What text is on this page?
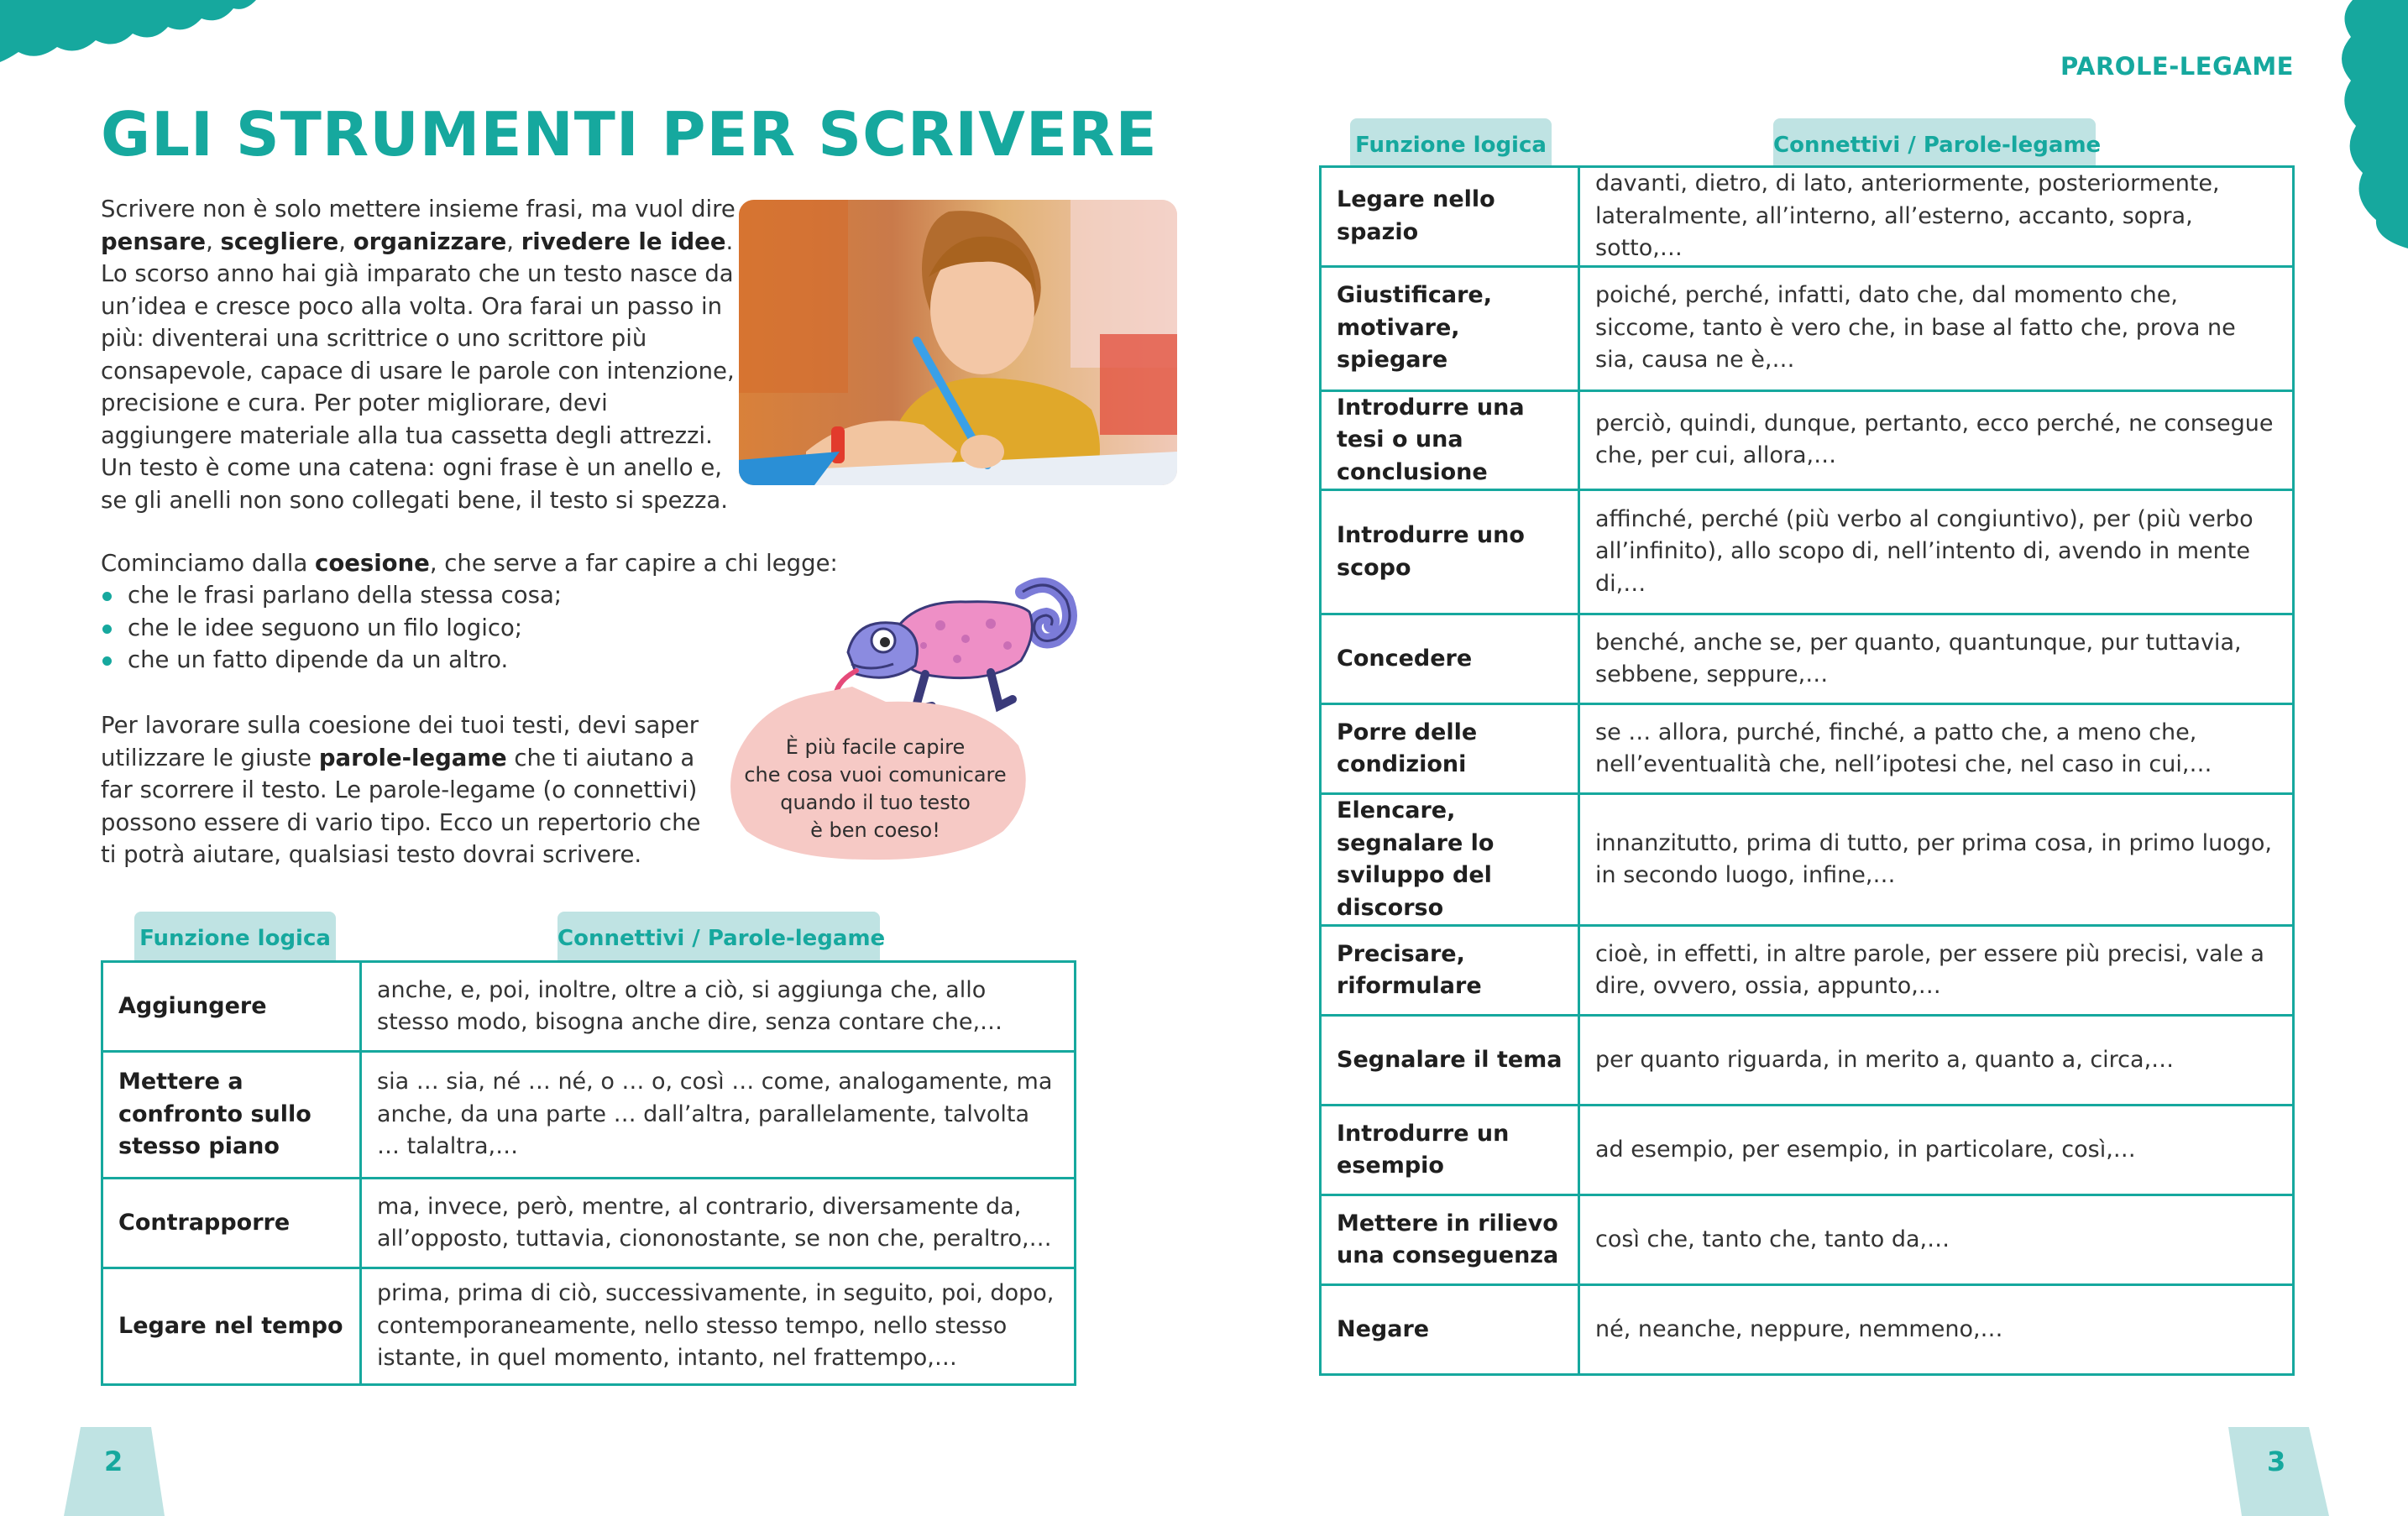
GLI STRUMENTI PER SCRIVERE

Scrivere non è solo mettere insieme frasi, ma vuol dire pensare, scegliere, organizzare, rivedere le idee. Lo scorso anno hai già imparato che un testo nasce da un’idea e cresce poco alla volta. Ora farai un passo in più: diventerai una scrittrice o uno scrittore più consapevole, capace di usare le parole con intenzione, precisione e cura. Per poter migliorare, devi aggiungere materiale alla tua cassetta degli attrezzi. Un testo è come una catena: ogni frase è un anello e, se gli anelli non sono collegati bene, il testo si spezza.

Cominciamo dalla coesione, che serve a far capire a chi legge:

che le frasi parlano della stessa cosa;
che le idee seguono un filo logico;
che un fatto dipende da un altro.
È più facile capire
che cosa vuoi comunicare
quando il tuo testo
è ben coeso!

Per lavorare sulla coesione dei tuoi testi, devi saper utilizzare le giuste parole-legame che ti aiutano a far scorrere il testo. Le parole-legame (o connettivi) possono essere di vario tipo. Ecco un repertorio che ti potrà aiutare, qualsiasi testo dovrai scrivere.

Funzione logica	Connettivi / Parole-legame
Aggiungere	anche, e, poi, inoltre, oltre a ciò, si aggiunga che, allo stesso modo, bisogna anche dire, senza contare che,…
Mettere a confronto sullo stesso piano	sia … sia, né … né, o … o, così … come, analogamente, ma anche, da una parte … dall’altra, parallelamente, talvolta … talaltra,…
Contrapporre	ma, invece, però, mentre, al contrario, diversamente da, all’opposto, tuttavia, ciononostante, se non che, peraltro,…
Legare nel tempo	prima, prima di ciò, successivamente, in seguito, poi, dopo, contemporaneamente, nello stesso tempo, nello stesso istante, in quel momento, intanto, nel frattempo,…
2
PAROLE-LEGAME
Funzione logica	Connettivi / Parole-legame
Legare nello spazio	davanti, dietro, di lato, anteriormente, posteriormente, lateralmente, all’interno, all’esterno, accanto, sopra, sotto,…
Giustificare, motivare, spiegare	poiché, perché, infatti, dato che, dal momento che, siccome, tanto è vero che, in base al fatto che, prova ne sia, causa ne è,…
Introdurre una tesi o una conclusione	perciò, quindi, dunque, pertanto, ecco perché, ne consegue che, per cui, allora,…
Introdurre uno scopo	affinché, perché (più verbo al congiuntivo), per (più verbo all’infinito), allo scopo di, nell’intento di, avendo in mente di,…
Concedere	benché, anche se, per quanto, quantunque, pur tuttavia, sebbene, seppure,…
Porre delle condizioni	se … allora, purché, finché, a patto che, a meno che, nell’eventualità che, nell’ipotesi che, nel caso in cui,…
Elencare, segnalare lo sviluppo del discorso	innanzitutto, prima di tutto, per prima cosa, in primo luogo, in secondo luogo, infine,…
Precisare, riformulare	cioè, in effetti, in altre parole, per essere più precisi, vale a dire, ovvero, ossia, appunto,…
Segnalare il tema	per quanto riguarda, in merito a, quanto a, circa,…
Introdurre un esempio	ad esempio, per esempio, in particolare, così,…
Mettere in rilievo una conseguenza	così che, tanto che, tanto da,…
Negare	né, neanche, neppure, nemmeno,…
3
